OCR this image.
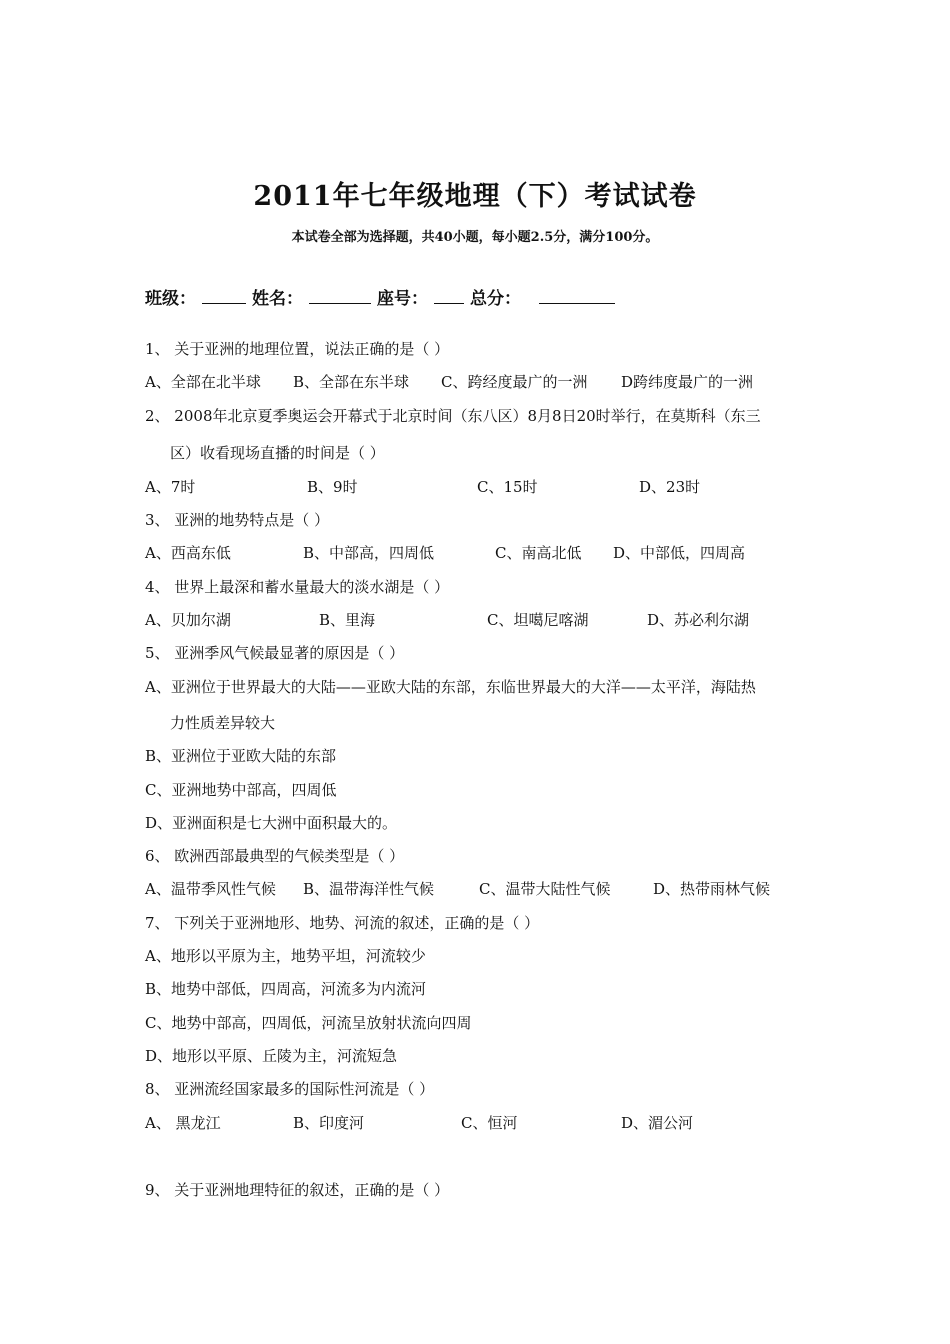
2011年七年级地理（下）考试试卷
本试卷全部为选择题，共40小题，每小题2.5分，满分100分。
班级：	姓名：	座号： 总分：
1、 关于亚洲的地理位置，说法正确的是（ ）
A、全部在北半球 B、全部在东半球 C、跨经度最广的一洲 D跨纬度最广的一洲
2、 2008年北京夏季奥运会开幕式于北京时间（东八区）8月8日20时举行，在莫斯科（东三
区）收看现场直播的时间是（ ）
A、7时	B、9时	C、15时	D、23时
3、 亚洲的地势特点是（ ）
A、西高东低	B、中部高，四周低	C、南高北低 D、中部低，四周高
4、 世界上最深和蓄水量最大的淡水湖是（ ）
A、贝加尔湖	B、里海	C、坦噶尼喀湖	D、苏必利尔湖
5、 亚洲季风气候最显著的原因是（ ）
A、亚洲位于世界最大的大陆——亚欧大陆的东部，东临世界最大的大洋——太平洋，海陆热
力性质差异较大
B、亚洲位于亚欧大陆的东部
C、亚洲地势中部高，四周低
D、亚洲面积是七大洲中面积最大的。
6、 欧洲西部最典型的气候类型是（ ）
A、温带季风性气候 B、温带海洋性气候	C、温带大陆性气候	D、热带雨林气候
7、 下列关于亚洲地形、地势、河流的叙述，正确的是（ ）
A、地形以平原为主，地势平坦，河流较少
B、地势中部低，四周高，河流多为内流河
C、地势中部高，四周低，河流呈放射状流向四周
D、地形以平原、丘陵为主，河流短急
8、 亚洲流经国家最多的国际性河流是（ ）
A、 黑龙江	B、印度河	C、恒河	D、湄公河
9、 关于亚洲地理特征的叙述，正确的是（ ）
